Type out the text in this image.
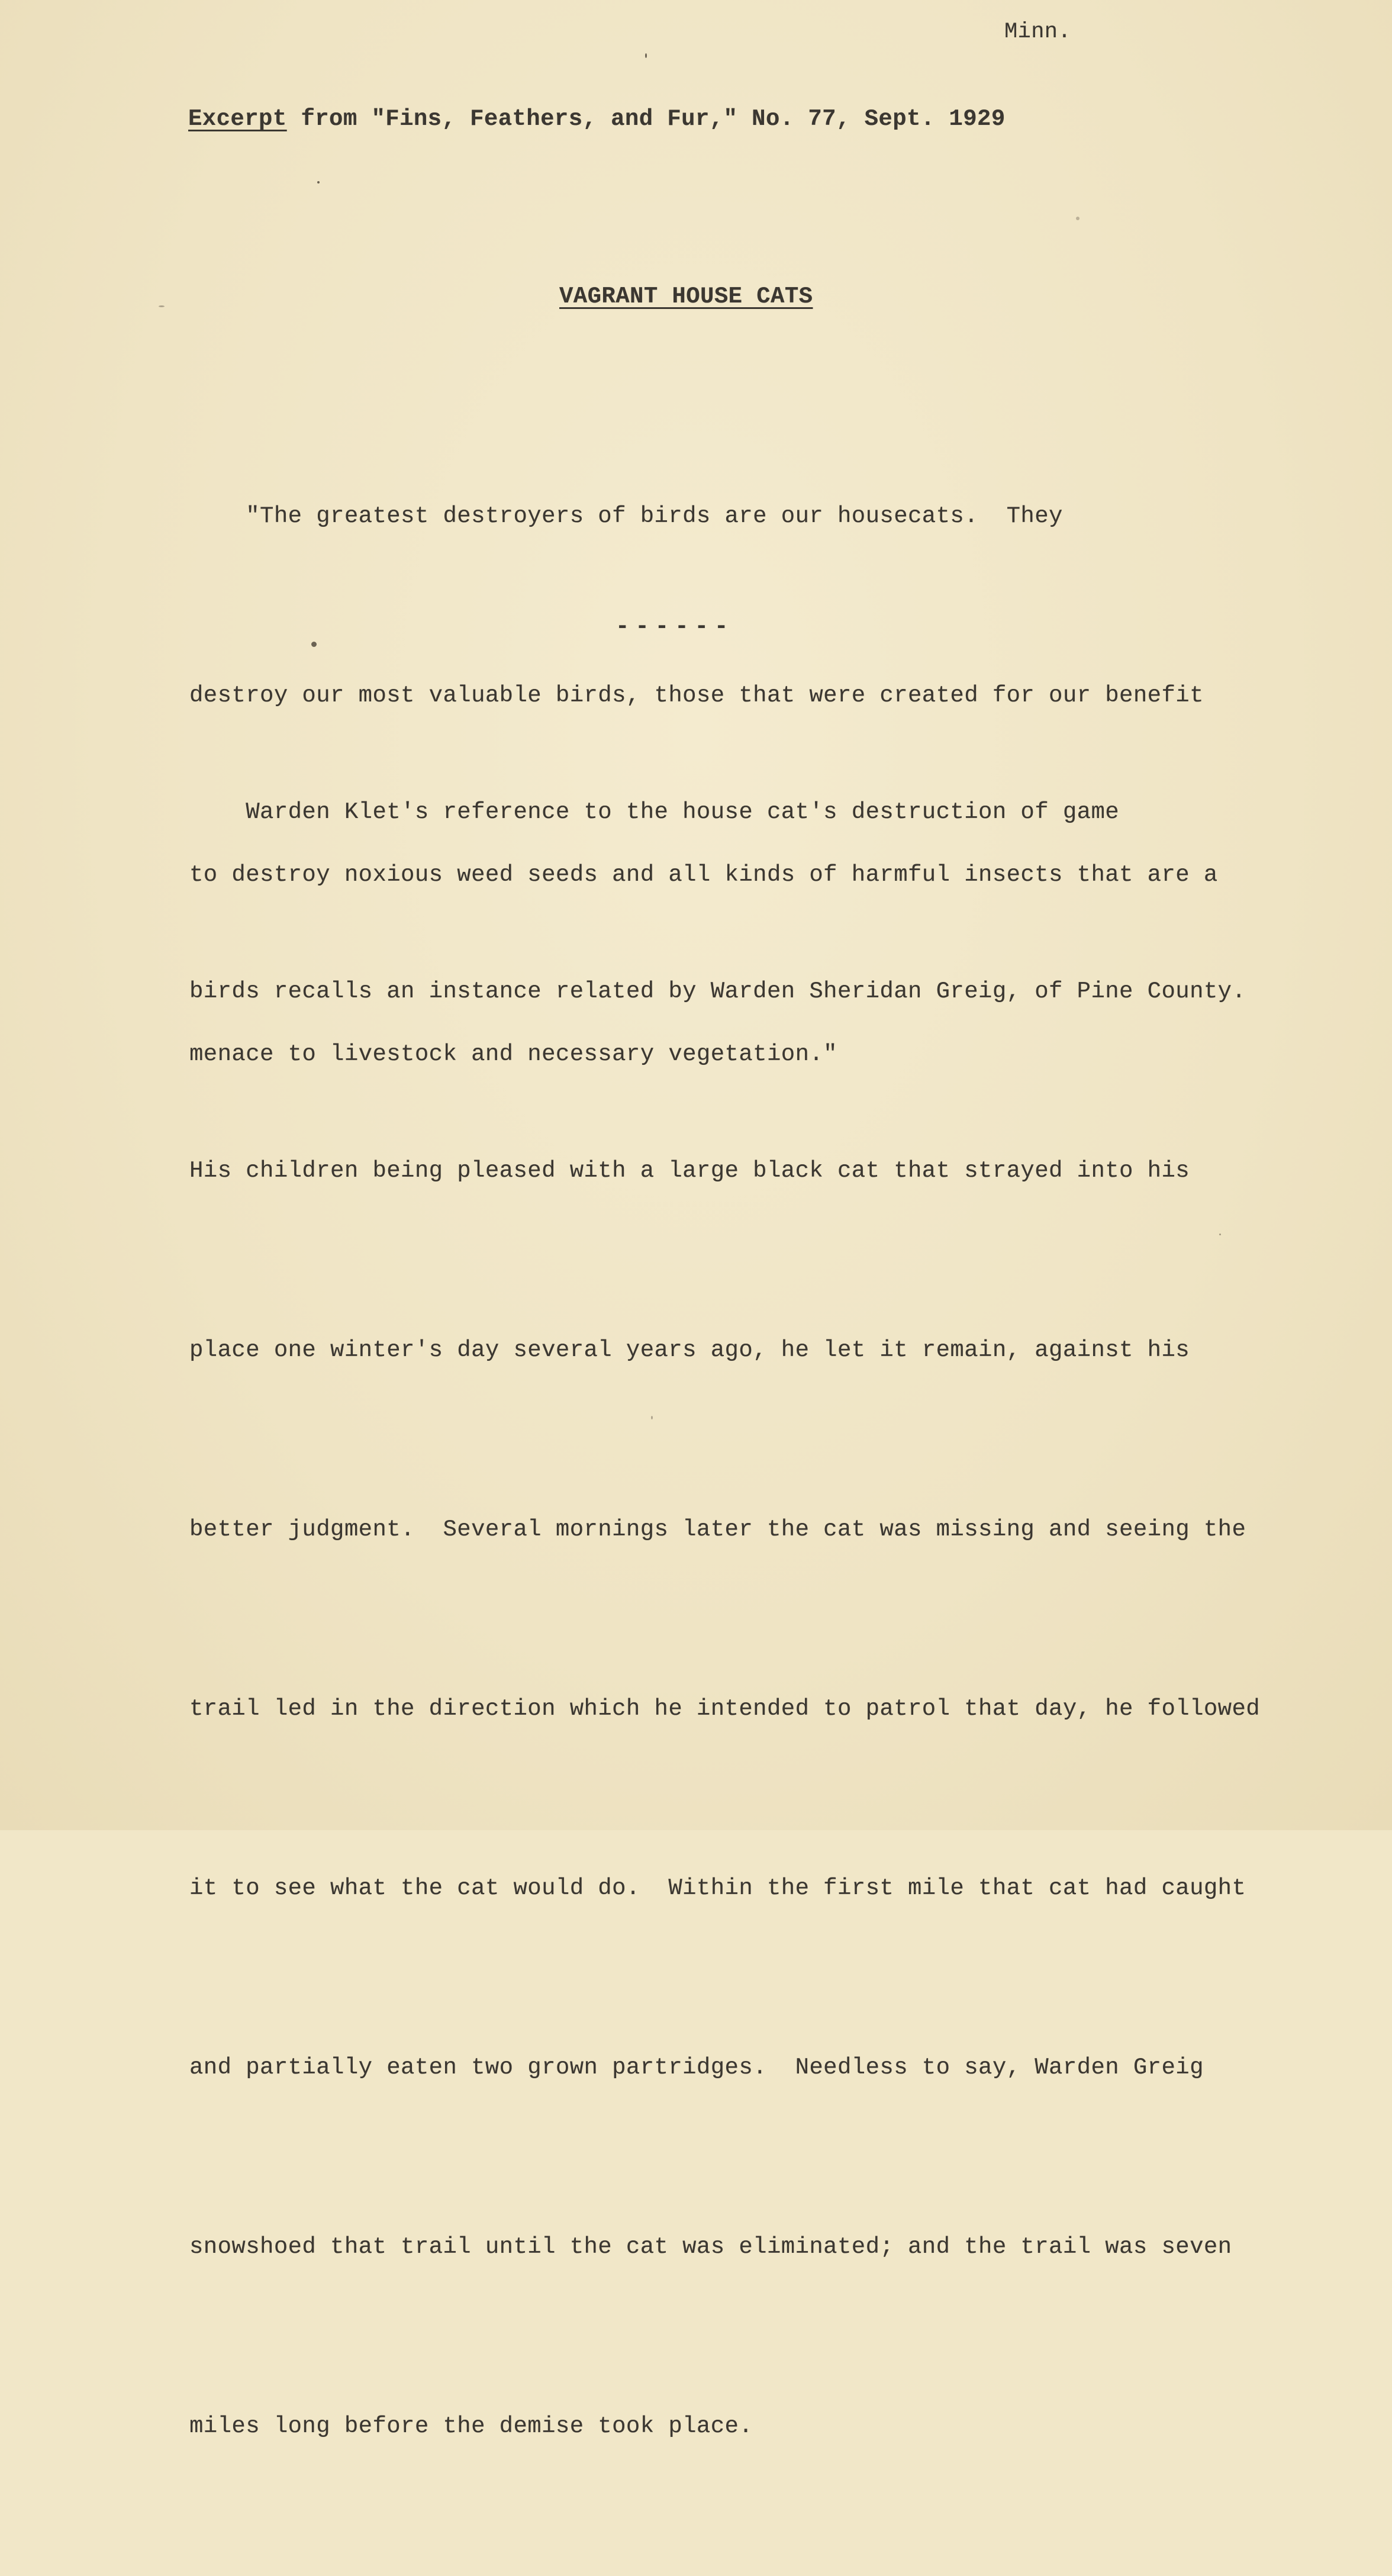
Minn.
Excerpt from "Fins, Feathers, and Fur," No. 77, Sept. 1929
VAGRANT HOUSE CATS

"The greatest destroyers of birds are our housecats.  They

destroy our most valuable birds, those that were created for our benefit

to destroy noxious weed seeds and all kinds of harmful insects that are a

menace to livestock and necessary vegetation."

------

Warden Klet's reference to the house cat's destruction of game

birds recalls an instance related by Warden Sheridan Greig, of Pine County.

His children being pleased with a large black cat that strayed into his

place one winter's day several years ago, he let it remain, against his

better judgment.  Several mornings later the cat was missing and seeing the

trail led in the direction which he intended to patrol that day, he followed

it to see what the cat would do.  Within the first mile that cat had caught

and partially eaten two grown partridges.  Needless to say, Warden Greig

snowshoed that trail until the cat was eliminated; and the trail was seven

miles long before the demise took place.
